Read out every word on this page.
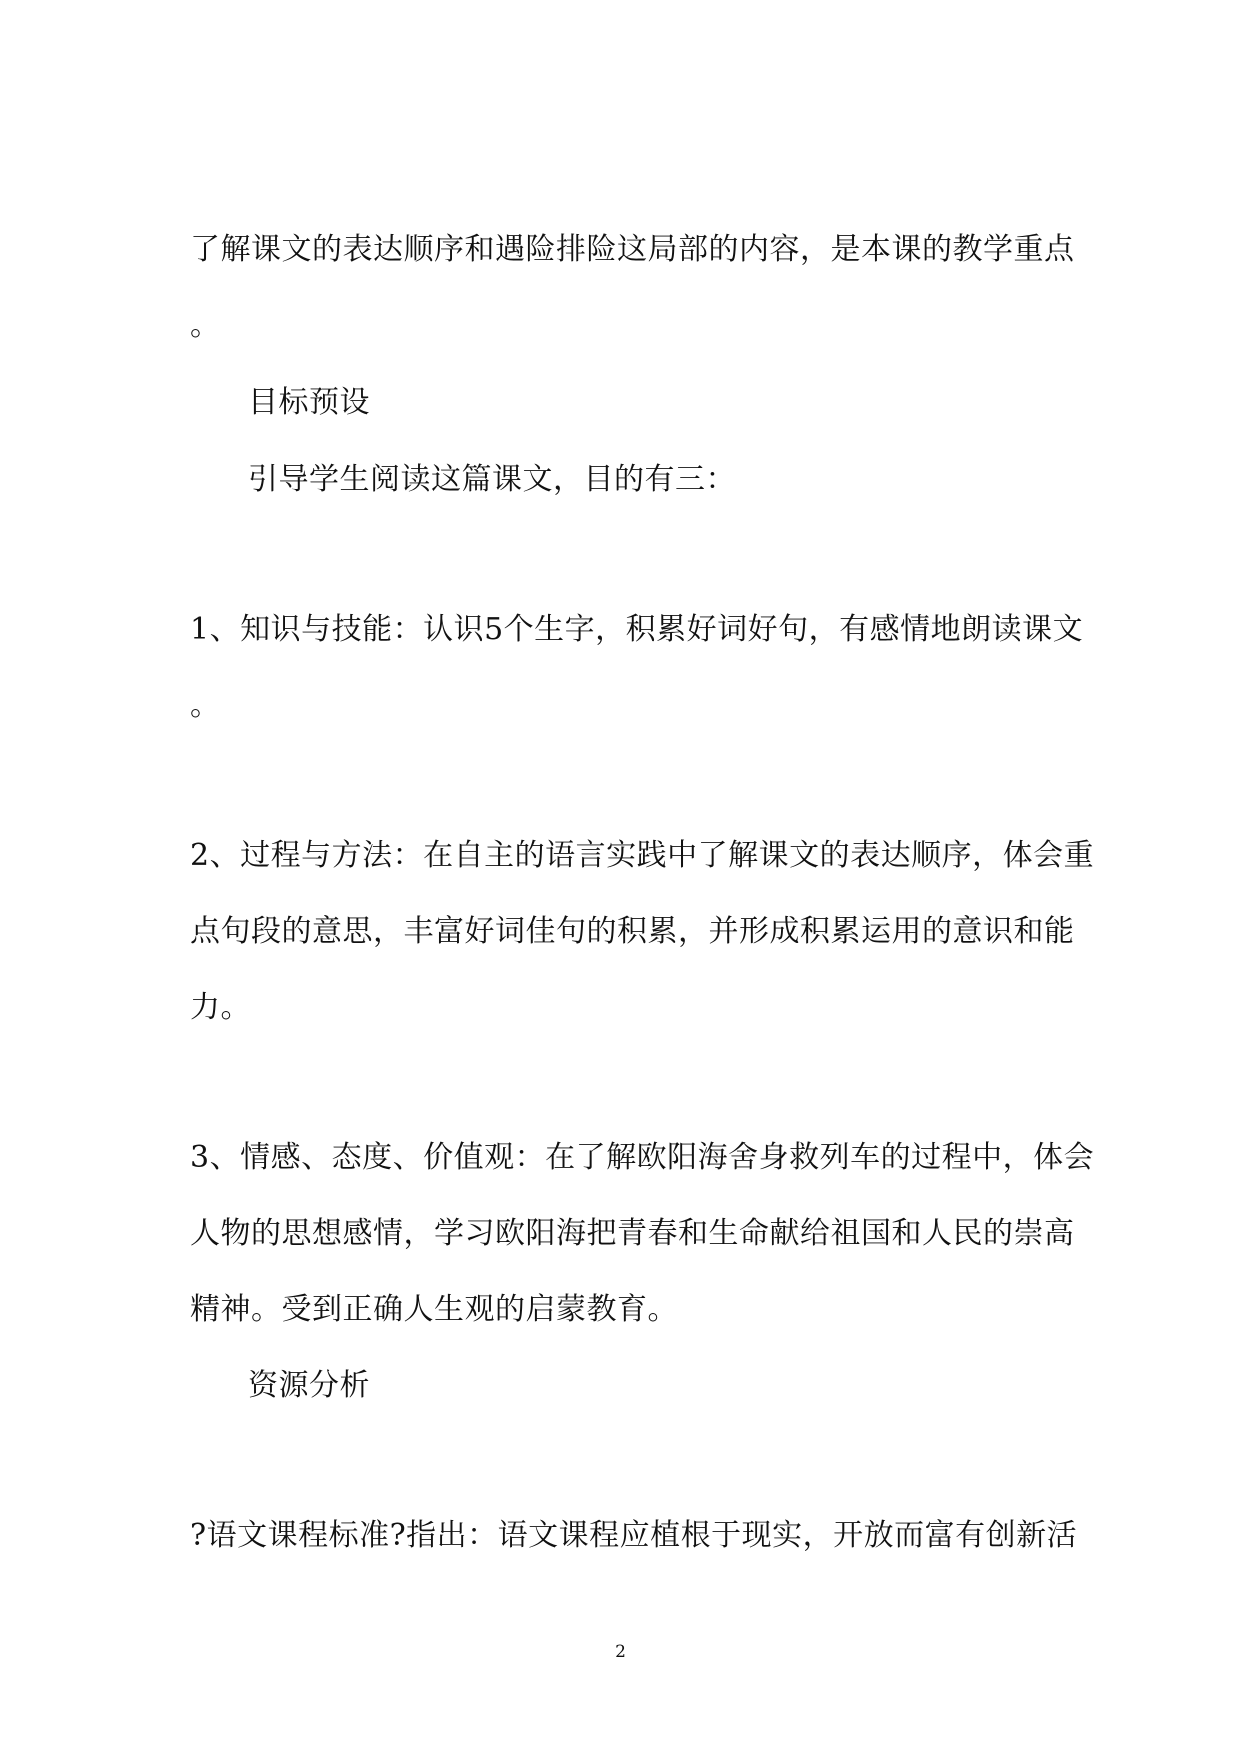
了解课文的表达顺序和遇险排险这局部的内容，是本课的教学重点
。
目标预设
引导学生阅读这篇课文，目的有三：
1、知识与技能：认识5个生字，积累好词好句，有感情地朗读课文
。
2、过程与方法：在自主的语言实践中了解课文的表达顺序，体会重
点句段的意思，丰富好词佳句的积累，并形成积累运用的意识和能
力。
3、情感、态度、价值观：在了解欧阳海舍身救列车的过程中，体会
人物的思想感情，学习欧阳海把青春和生命献给祖国和人民的崇高
精神。受到正确人生观的启蒙教育。
资源分析
?语文课程标准?指出：语文课程应植根于现实，开放而富有创新活
2
